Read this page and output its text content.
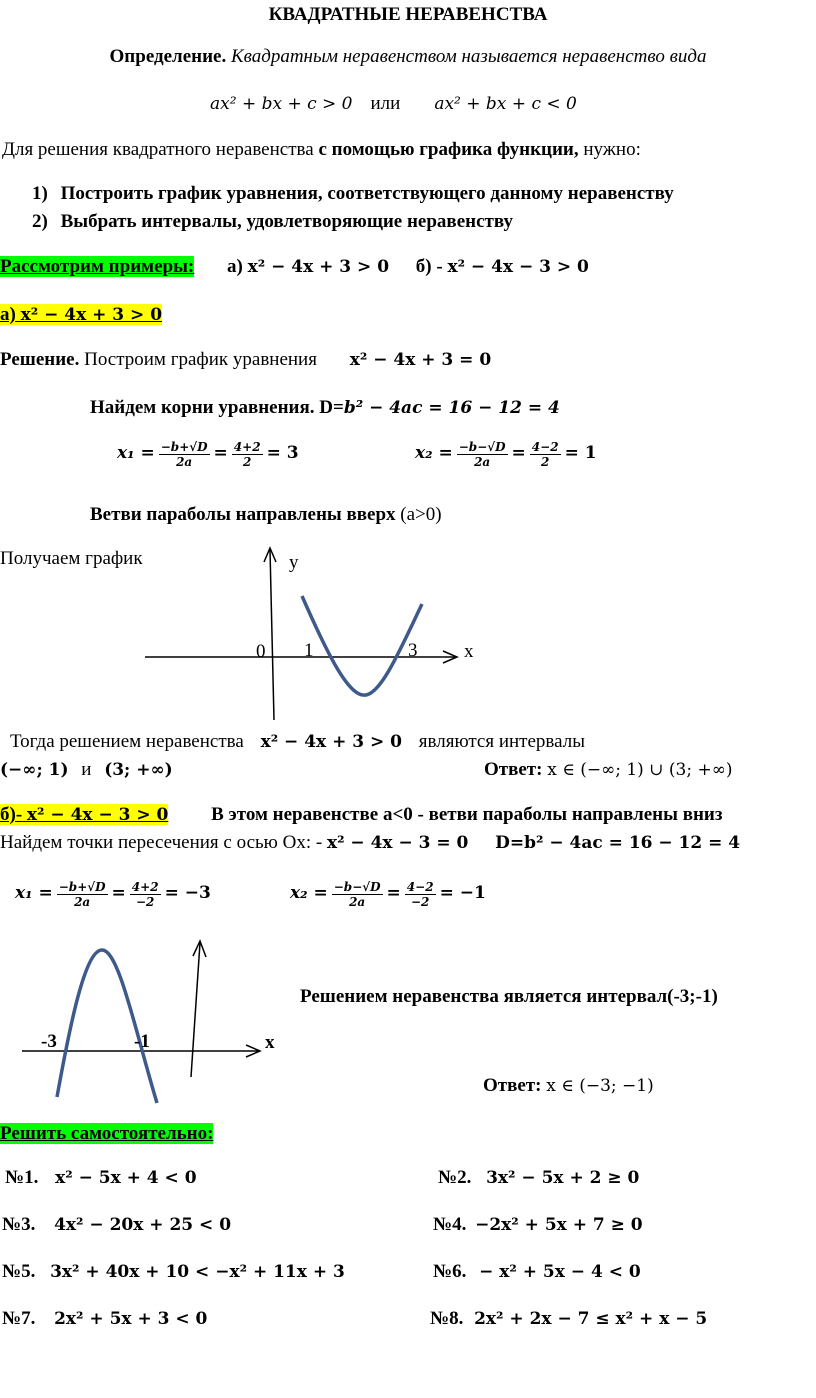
КВАДРАТНЫЕ НЕРАВЕНСТВА
Определение. Квадратным неравенством называется неравенство вида
ax² + bx + c > 0 или ax² + bx + c < 0
Для решения квадратного неравенства с помощью графика функции, нужно:
1) Построить график уравнения, соответствующего данному неравенству
2) Выбрать интервалы, удовлетворяющие неравенству
Рассмотрим примеры: а) x² − 4x + 3 > 0 б) - x² − 4x − 3 > 0
а) x² − 4x + 3 > 0
Решение. Построим график уравнения x² − 4x + 3 = 0
Найдем корни уравнения. D=b² − 4ac = 16 − 12 = 4
$x_1 = \frac{-b+√D}{2a} = \frac{4+2}{2} = 3$	$x_2 = \frac{-b-√D}{2a} = \frac{4-2}{2} = 1$
Ветви параболы направлены вверх (a>0)
Получаем график	y
x
0 1	3
Тогда решением неравенства x² − 4x + 3 > 0 являются интервалы
(−∞; 1) и (3; +∞)	Ответ: x ∈ (−∞; 1) ∪ (3; +∞)
б)- x² − 4x − 3 > 0 В этом неравенстве a<0 - ветви параболы направлены вниз
Найдем точки пересечения с осью Ох: - x² − 4x − 3 = 0 D=b² − 4ac = 16 − 12 = 4
$x_1 = \frac{-b+√D}{2a} = \frac{4+2}{-2} = -3$	$x_2 = \frac{-b-√D}{2a} = \frac{4-2}{-2} = -1$
-3	-1	x
Решением неравенства является интервал(-3;-1)
Ответ: x ∈ (−3; −1)
Решить самостоятельно:
№1. x² − 5x + 4 < 0	№2. 3x² − 5x + 2 ≥ 0
№3. 4x² − 20x + 25 < 0	№4. −2x² + 5x + 7 ≥ 0
№5. 3x² + 40x + 10 < −x² + 11x + 3	№6. − x² + 5x − 4 < 0
№7. 2x² + 5x + 3 < 0	№8. 2x² + 2x − 7 ≤ x² + x − 5
